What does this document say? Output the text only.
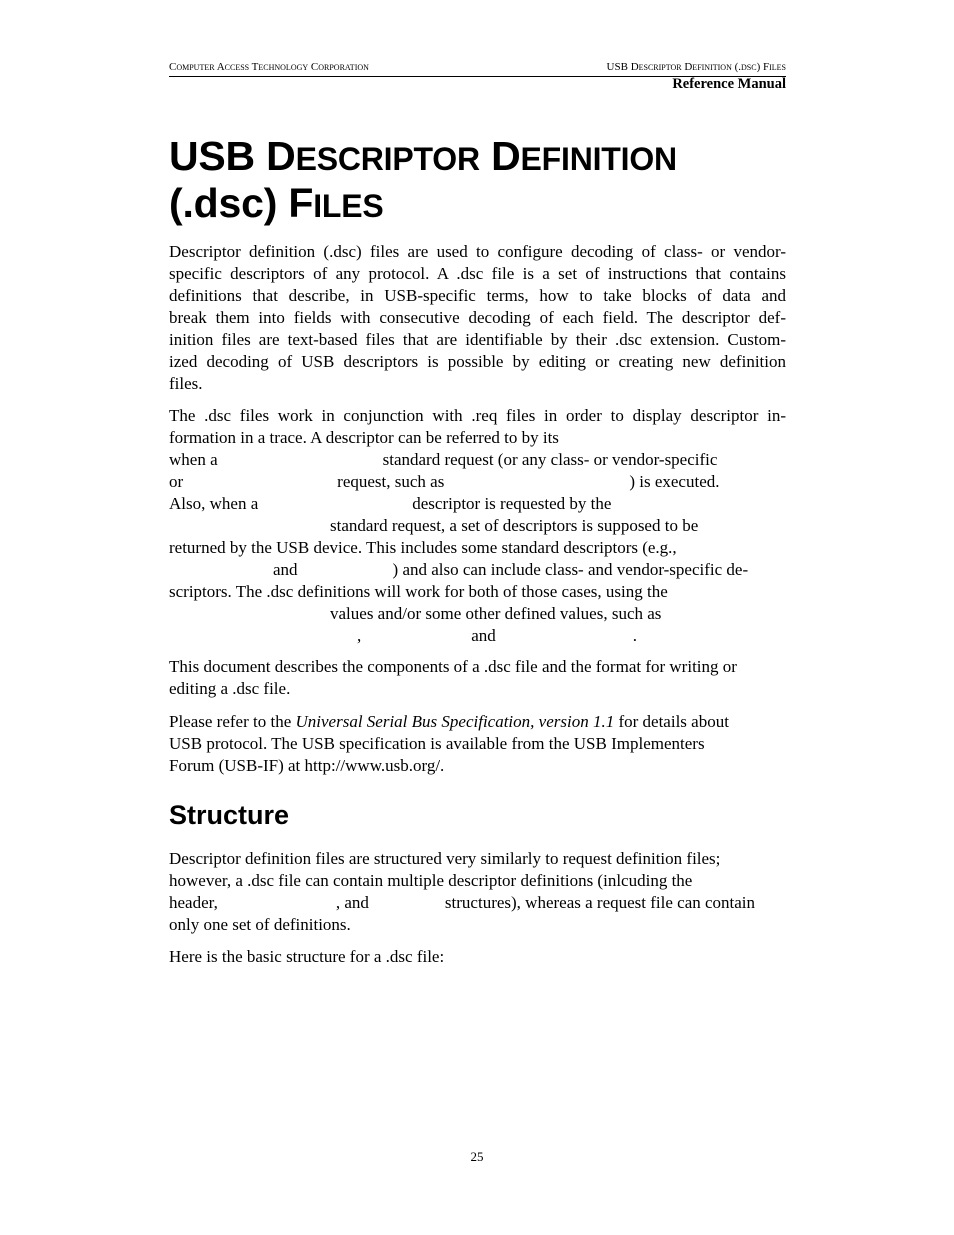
Computer Access Technology Corporation	USB Descriptor Definition (.dsc) Files
Reference Manual
USB DESCRIPTOR DEFINITION
(.dsc) FILES
Descriptor definition (.dsc) files are used to configure decoding of class- or vendor-
specific descriptors of any protocol. A .dsc file is a set of instructions that contains
definitions that describe, in USB-specific terms, how to take blocks of data and
break them into fields with consecutive decoding of each field. The descriptor def-
inition files are text-based files that are identifiable by their .dsc extension. Custom-
ized decoding of USB descriptors is possible by editing or creating new definition
files.
The .dsc files work in conjunction with .req files in order to display descriptor in-
formation in a trace. A descriptor can be referred to by its
when a	standard request (or any class- or vendor-specific
or	request, such as	) is executed.
Also, when a	descriptor is requested by the
standard request, a set of descriptors is supposed to be
returned by the USB device. This includes some standard descriptors (e.g.,
and	) and also can include class- and vendor-specific de-
scriptors. The .dsc definitions will work for both of those cases, using the
values and/or some other defined values, such as
,	and	.
This document describes the components of a .dsc file and the format for writing or
editing a .dsc file.
Please refer to the Universal Serial Bus Specification, version 1.1 for details about
USB protocol. The USB specification is available from the USB Implementers
Forum (USB-IF) at http://www.usb.org/.
Structure
Descriptor definition files are structured very similarly to request definition files;
however, a .dsc file can contain multiple descriptor definitions (inlcuding the
header,	, and	structures), whereas a request file can contain
only one set of definitions.
Here is the basic structure for a .dsc file:
25
